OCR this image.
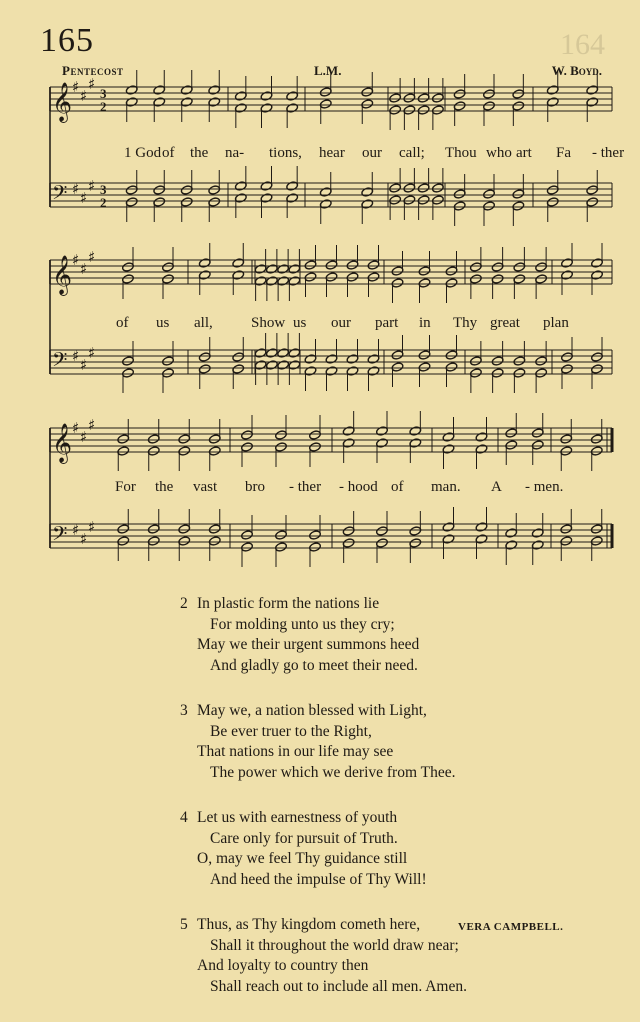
165	164
Pentecost	L.M.	W. Boyd.
𝄞 ♯ ♯
♯
3
2
𝄢 ♯ ♯
♯ 3
2
𝄞 ♯ ♯
♯
𝄢 ♯ ♯
♯
𝄞 ♯ ♯
♯
𝄢 ♯ ♯
♯
1 God of the na- tions, hear our call; Thou who art Fa - ther
of us all,	Show us our part in Thy great plan
For the vast bro - ther - hood of man. A - men.
2 In plastic form the nations lie
For molding unto us they cry;
May we their urgent summons heed
And gladly go to meet their need.
3 May we, a nation blessed with Light,
Be ever truer to the Right,
That nations in our life may see
The power which we derive from Thee.
4 Let us with earnestness of youth
Care only for pursuit of Truth.
O, may we feel Thy guidance still
And heed the impulse of Thy Will!
5 Thus, as Thy kingdom cometh here,
Shall it throughout the world draw near;
And loyalty to country then
Shall reach out to include all men. Amen.
VERA CAMPBELL.
